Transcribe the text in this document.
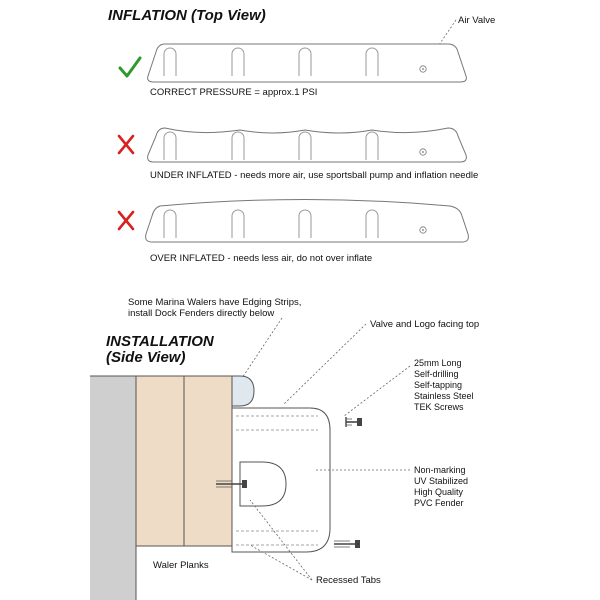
INFLATION (Top View)	Air Valve
CORRECT PRESSURE = approx.1 PSI
UNDER INFLATED - needs more air, use sportsball pump and inflation needle
OVER INFLATED - needs less air, do not over inflate
Some Marina Walers have Edging Strips,
install Dock Fenders directly below
INSTALLATION
(Side View)
Valve and Logo facing top
25mm Long
Self-drilling
Self-tapping
Stainless Steel
TEK Screws
Non-marking
UV Stabilized
High Quality
PVC Fender
Waler Planks
Recessed Tabs
